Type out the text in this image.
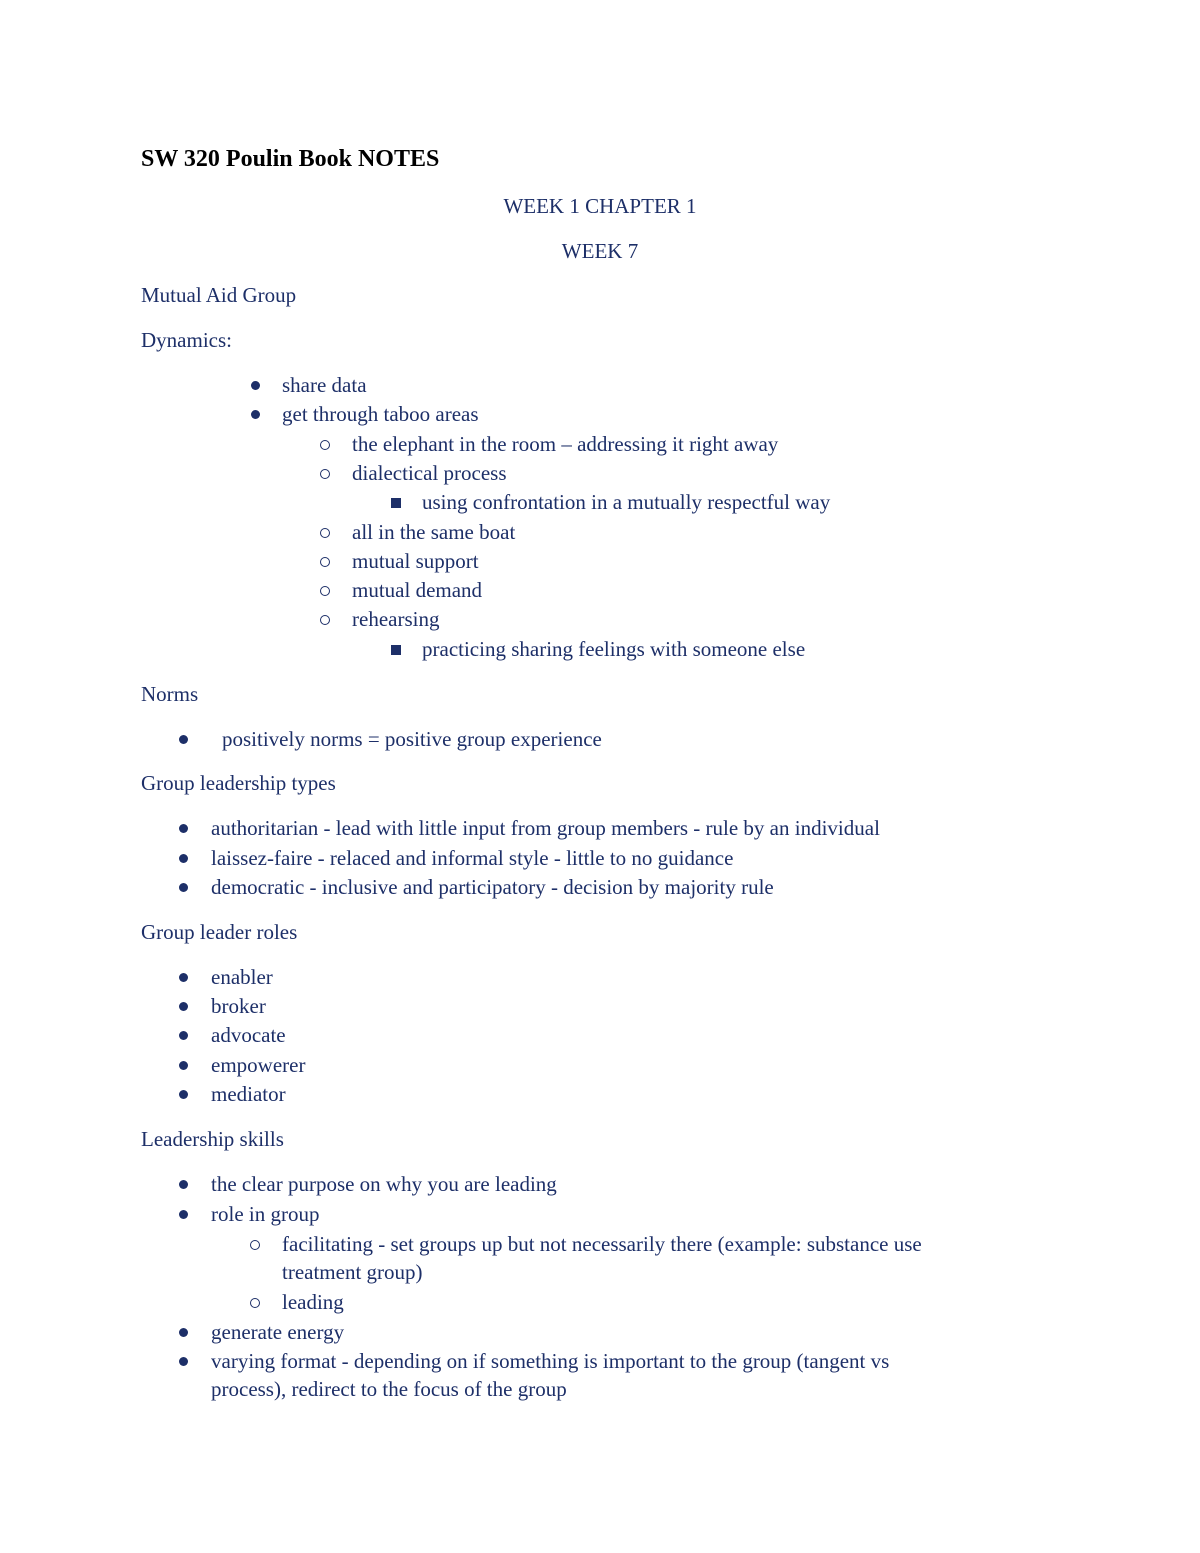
SW 320 Poulin Book NOTES
WEEK 1 CHAPTER 1
WEEK 7
Mutual Aid Group
Dynamics:
share data
get through taboo areas
the elephant in the room – addressing it right away
dialectical process
using confrontation in a mutually respectful way
all in the same boat
mutual support
mutual demand
rehearsing
practicing sharing feelings with someone else
Norms
positively norms = positive group experience
Group leadership types
authoritarian - lead with little input from group members - rule by an individual
laissez-faire - relaced and informal style - little to no guidance
democratic - inclusive and participatory - decision by majority rule
Group leader roles
enabler
broker
advocate
empowerer
mediator
Leadership skills
the clear purpose on why you are leading
role in group
facilitating - set groups up but not necessarily there (example: substance use
treatment group)
leading
generate energy
varying format - depending on if something is important to the group (tangent vs
process), redirect to the focus of the group
